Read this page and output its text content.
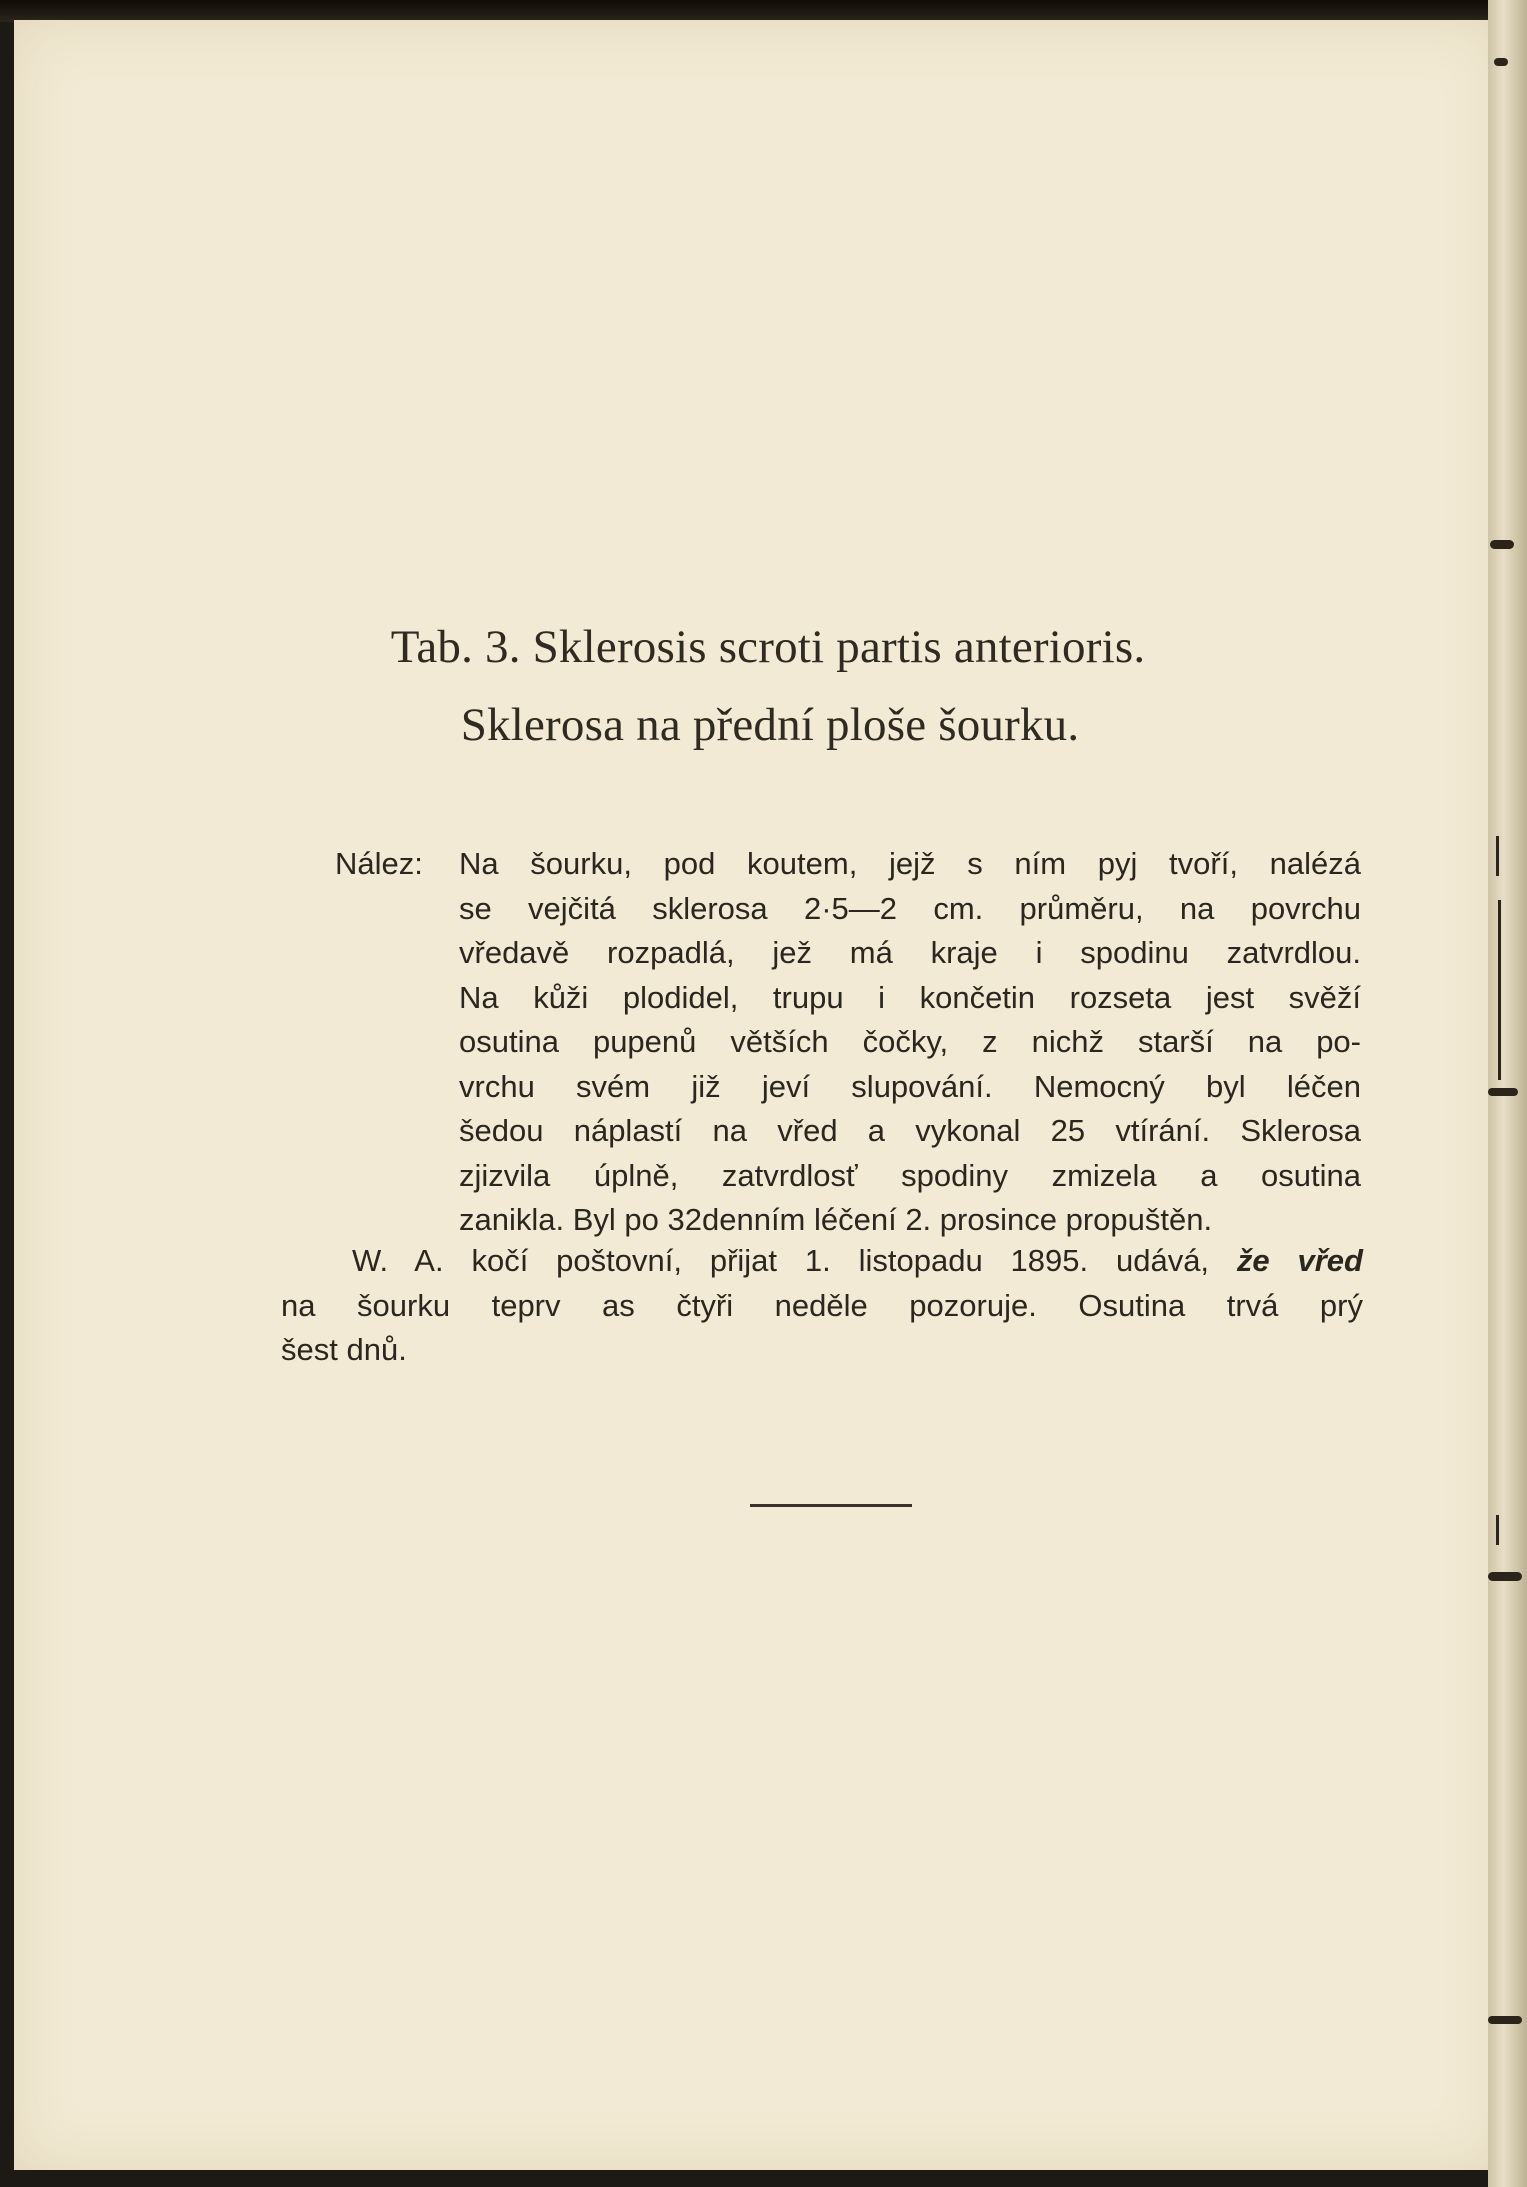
Tab. 3. Sklerosis scroti partis anterioris.
Sklerosa na přední ploše šourku.

Nález: Na šourku, pod koutem, jejž s ním pyj tvoří, nalézá
se vejčitá sklerosa 2·5—2 cm. průměru, na povrchu
vředavě rozpadlá, jež má kraje i spodinu zatvrdlou.
Na kůži plodidel, trupu i končetin rozseta jest svěží
osutina pupenů větších čočky, z nichž starší na po-
vrchu svém již jeví slupování. Nemocný byl léčen
šedou náplastí na vřed a vykonal 25 vtírání. Sklerosa
zjizvila úplně, zatvrdlosť spodiny zmizela a osutina
zanikla. Byl po 32denním léčení 2. prosince propuštěn.
W. A. kočí poštovní, přijat 1. listopadu 1895. udává, že vřed
na šourku teprv as čtyři neděle pozoruje. Osutina trvá prý
šest dnů.
